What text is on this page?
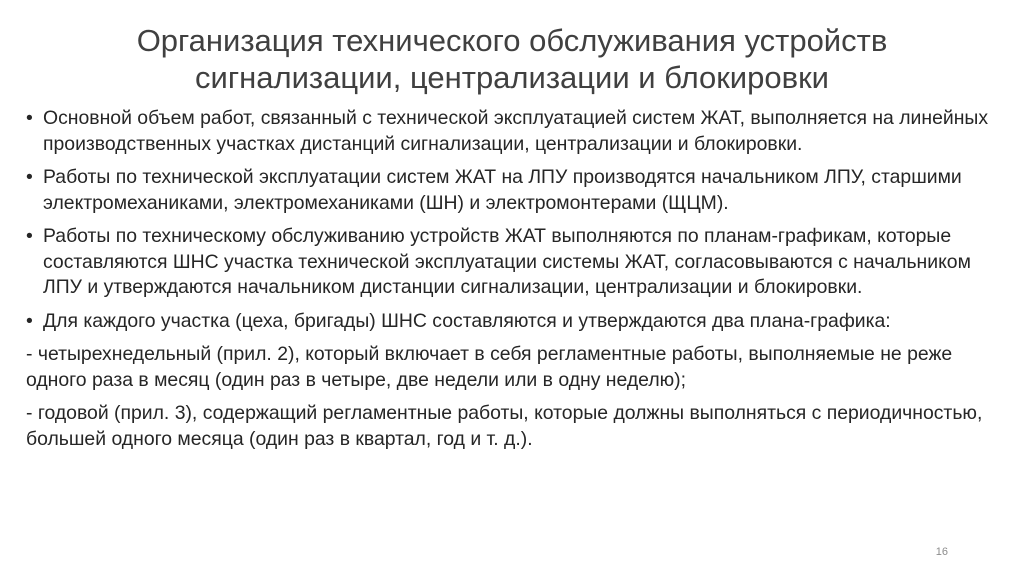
Организация технического обслуживания устройств
сигнализации, централизации и блокировки
• Основной объем работ, связанный с технической эксплуатацией систем ЖАТ, выполняется на линейных производственных участках дистанций сигнализации, централизации и блокировки.
• Работы по технической эксплуатации систем ЖАТ на ЛПУ производятся начальником ЛПУ, старшими электромеханиками, электромеханиками (ШН) и электромонтерами (ЩЦМ).
• Работы по техническому обслуживанию устройств ЖАТ выполняются по планам-графикам, которые составляются ШНС участка технической эксплуатации системы ЖАТ, согласовываются с начальником ЛПУ и утверждаются начальником дистанции сигнализации, централизации и блокировки.
• Для каждого участка (цеха, бригады) ШНС составляются и утверждаются два плана-графика:
- четырехнедельный (прил. 2), который включает в себя регламентные работы, выполняемые не реже одного раза в месяц (один раз в четыре, две недели или в одну неделю);
- годовой (прил. 3), содержащий регламентные работы, которые должны выполняться с периодичностью, большей одного месяца (один раз в квартал, год и т. д.).
16
